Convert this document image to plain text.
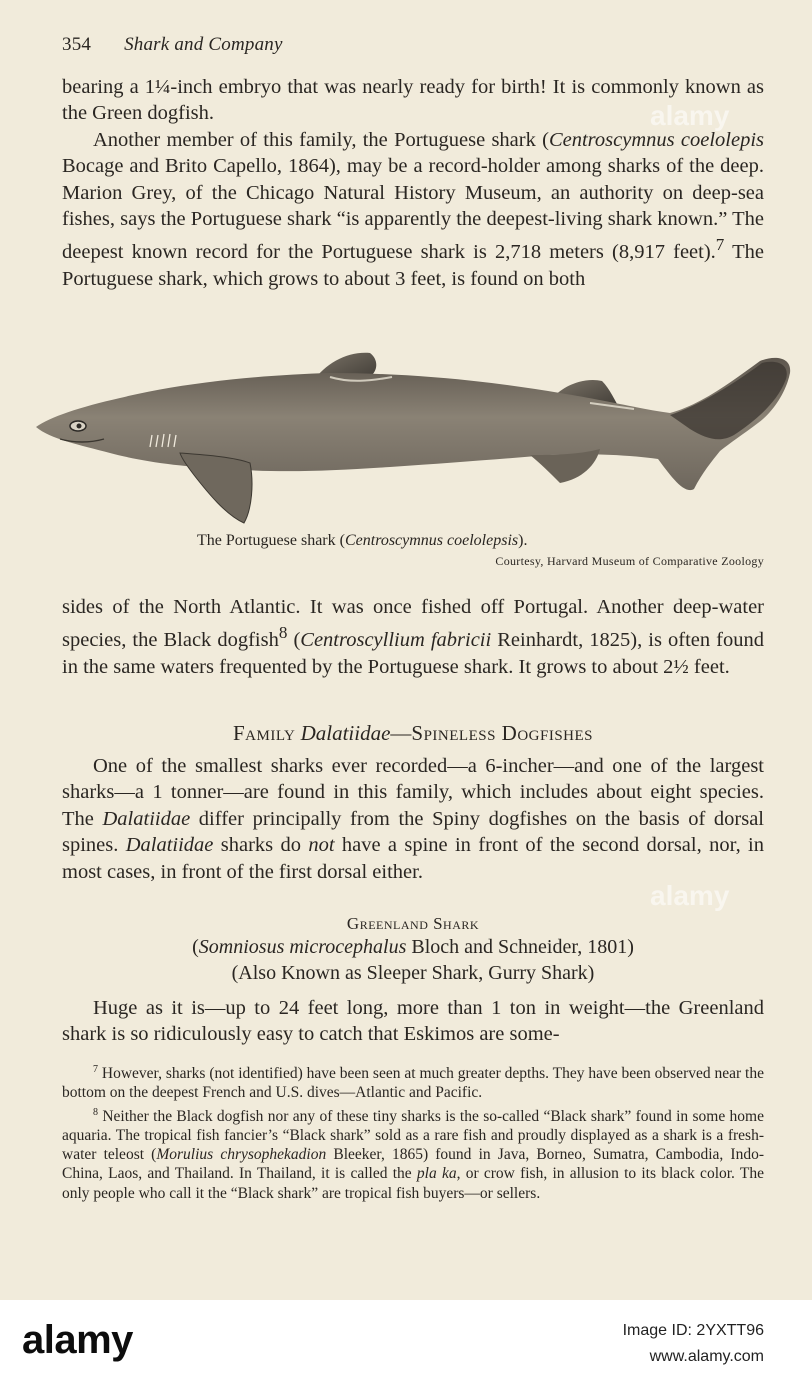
354 Shark and Company

bearing a 1¼-inch embryo that was nearly ready for birth! It is commonly known as the Green dogfish.

Another member of this family, the Portuguese shark (Centroscymnus coelolepis Bocage and Brito Capello, 1864), may be a record-holder among sharks of the deep. Marion Grey, of the Chicago Natural History Museum, an authority on deep-sea fishes, says the Portuguese shark “is apparently the deepest-living shark known.” The deepest known record for the Portuguese shark is 2,718 meters (8,917 feet).$^7$ The Portuguese shark, which grows to about 3 feet, is found on both

The Portuguese shark (Centroscymnus coelolepsis).
Courtesy, Harvard Museum of Comparative Zoology

sides of the North Atlantic. It was once fished off Portugal. Another deep-water species, the Black dogfish$^8$ (Centroscyllium fabricii Reinhardt, 1825), is often found in the same waters frequented by the Portuguese shark. It grows to about 2½ feet.

Family Dalatiidae—Spineless Dogfishes

One of the smallest sharks ever recorded—a 6-incher—and one of the largest sharks—a 1 tonner—are found in this family, which includes about eight species. The Dalatiidae differ principally from the Spiny dogfishes on the basis of dorsal spines. Dalatiidae sharks do not have a spine in front of the second dorsal, nor, in most cases, in front of the first dorsal either.

Greenland Shark
(Somniosus microcephalus Bloch and Schneider, 1801)
(Also Known as Sleeper Shark, Gurry Shark)

Huge as it is—up to 24 feet long, more than 1 ton in weight—the Greenland shark is so ridiculously easy to catch that Eskimos are some-

$^7$ However, sharks (not identified) have been seen at much greater depths. They have been observed near the bottom on the deepest French and U.S. dives—Atlantic and Pacific.

$^8$ Neither the Black dogfish nor any of these tiny sharks is the so-called “Black shark” found in some home aquaria. The tropical fish fancier’s “Black shark” sold as a rare fish and proudly displayed as a shark is a fresh-water teleost (Morulius chrysophekadion Bleeker, 1865) found in Java, Borneo, Sumatra, Cambodia, Indo-China, Laos, and Thailand. In Thailand, it is called the pla ka, or crow fish, in allusion to its black color. The only people who call it the “Black shark” are tropical fish buyers—or sellers.

alamy
alamy
alamy	Image ID: 2YXTT96
www.alamy.com
